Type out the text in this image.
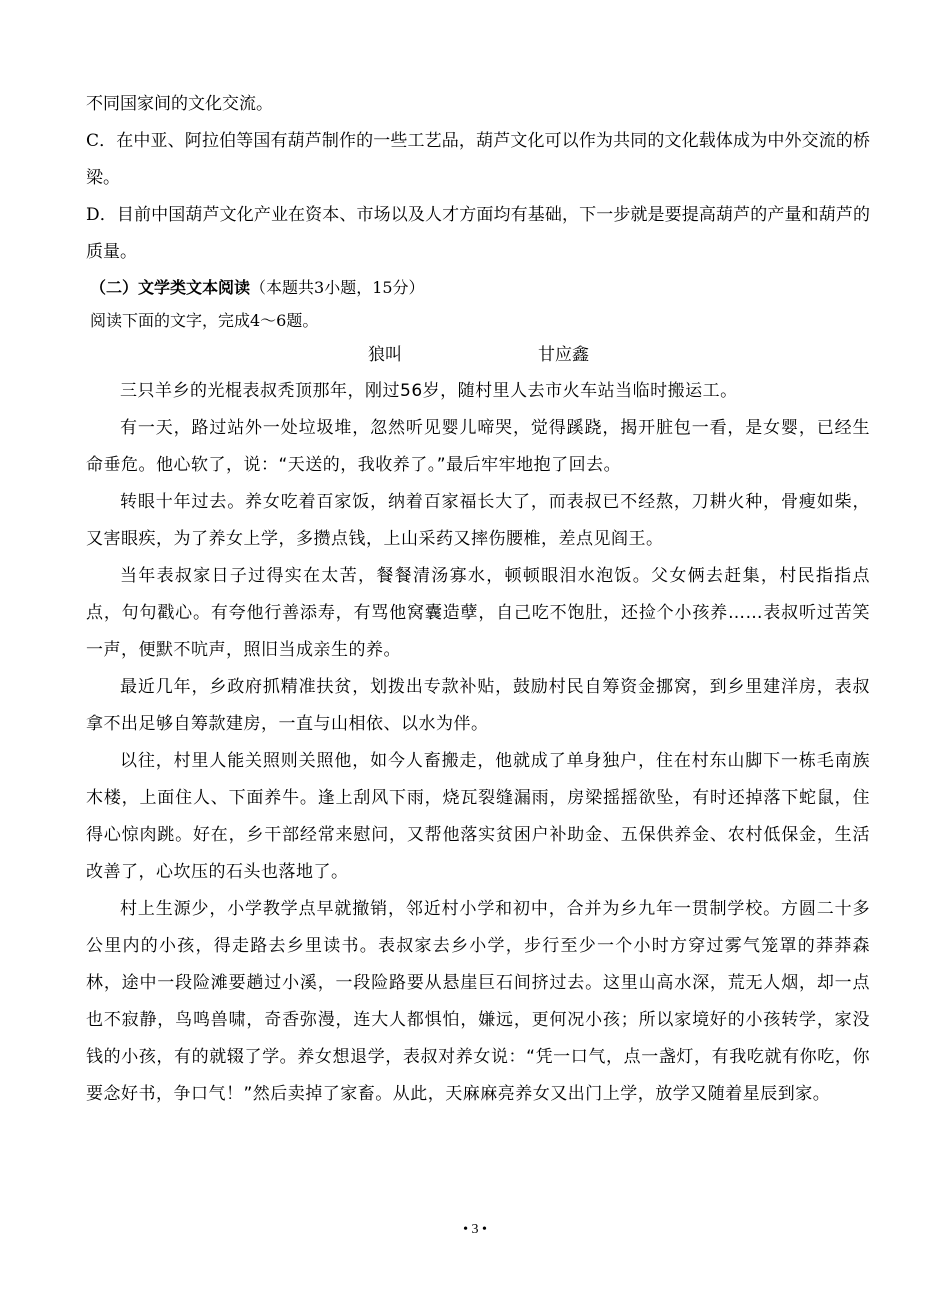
不同国家间的文化交流。

C．在中亚、阿拉伯等国有葫芦制作的一些工艺品，葫芦文化可以作为共同的文化载体成为中外交流的桥梁。

D．目前中国葫芦文化产业在资本、市场以及人才方面均有基础，下一步就是要提高葫芦的产量和葫芦的质量。

（二）文学类文本阅读（本题共3小题，15分）
阅读下面的文字，完成4～6题。
狼叫	甘应鑫

三只羊乡的光棍表叔秃顶那年，刚过56岁，随村里人去市火车站当临时搬运工。

有一天，路过站外一处垃圾堆，忽然听见婴儿啼哭，觉得蹊跷，揭开脏包一看，是女婴，已经生命垂危。他心软了，说：“天送的，我收养了。”最后牢牢地抱了回去。

转眼十年过去。养女吃着百家饭，纳着百家福长大了，而表叔已不经熬，刀耕火种，骨瘦如柴，又害眼疾，为了养女上学，多攒点钱，上山采药又摔伤腰椎，差点见阎王。

当年表叔家日子过得实在太苦，餐餐清汤寡水，顿顿眼泪水泡饭。父女俩去赶集，村民指指点点，句句戳心。有夸他行善添寿，有骂他窝囊造孽，自己吃不饱肚，还捡个小孩养……表叔听过苦笑一声，便默不吭声，照旧当成亲生的养。

最近几年，乡政府抓精准扶贫，划拨出专款补贴，鼓励村民自筹资金挪窝，到乡里建洋房，表叔拿不出足够自筹款建房，一直与山相依、以水为伴。

以往，村里人能关照则关照他，如今人畜搬走，他就成了单身独户，住在村东山脚下一栋毛南族木楼，上面住人、下面养牛。逢上刮风下雨，烧瓦裂缝漏雨，房梁摇摇欲坠，有时还掉落下蛇鼠，住得心惊肉跳。好在，乡干部经常来慰问，又帮他落实贫困户补助金、五保供养金、农村低保金，生活改善了，心坎压的石头也落地了。

村上生源少，小学教学点早就撤销，邻近村小学和初中，合并为乡九年一贯制学校。方圆二十多公里内的小孩，得走路去乡里读书。表叔家去乡小学，步行至少一个小时方穿过雾气笼罩的莽莽森林，途中一段险滩要趟过小溪，一段险路要从悬崖巨石间挤过去。这里山高水深，荒无人烟，却一点也不寂静，鸟鸣兽啸，奇香弥漫，连大人都惧怕，嫌远，更何况小孩；所以家境好的小孩转学，家没钱的小孩，有的就辍了学。养女想退学，表叔对养女说：“凭一口气，点一盏灯，有我吃就有你吃，你要念好书，争口气！”然后卖掉了家畜。从此，天麻麻亮养女又出门上学，放学又随着星辰到家。

• 3 •
